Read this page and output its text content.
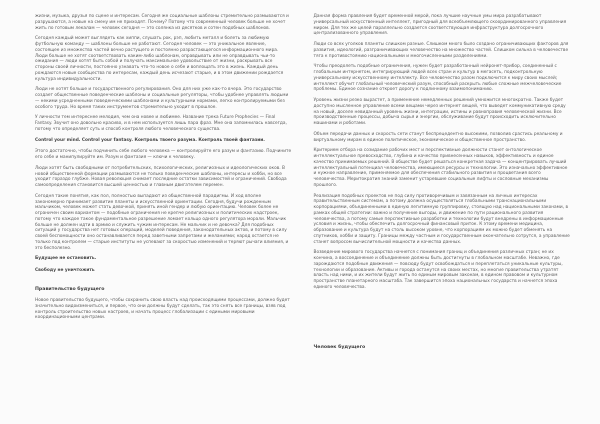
жизни, музыка, друзья по сцене и интересам. Сегодня же социальные шаблоны стремительно размываются и разрушаются, а новые на смену им не приходят. Почему? Потому что современный человек больше не хочет жить по готовым лекалам — человек сегодня — это солянка из десятков и сотен подобных шаблонов.

Сегодня каждый может выглядеть как хиппи, слушать рок, рэп, любить металл и болеть за любимую футбольную команду — шаблоны больше не работают. Сегодня человек — это уникальное явление, состоящее из множества частей вечно растущего и постоянно разрастающегося информационного мира. Люди больше не хотят соответствовать каким-либо шаблонам, оправдывать или не оправдывать чьи-то ожидания — люди хотят быть собой и получать максимальное удовольствие от жизни, раскрывать все стороны своей личности, постоянно узнавать что-то новое о себе и воплощать это в жизнь. Каждый день рождаются новые сообщества по интересам, каждый день исчезают старые, и в этом движении рождается культура индивидуальности.

Люди не хотят больше и государственного регулирования. Оно для них уже как-то вчера. Это государство создает общественные поведенческие шаблоны и социальные регуляторы, чтобы удобнее управлять людьми — некими усредненными поведенческими шаблонами и культурными нормами, легко контролируемыми без особого труда. Но время таких инструментов стремительно уходит в прошлое.

У личности тем интереснее мелодия, чем она новее и любимее. Название трека Future Prophecies — Final Fantasy. Звучит оно довольно красиво, и в нем используется лишь пара фраз. Мне она запомнилась навсегда, потому что определяет суть и способ контроля любого человеческого существа.

Control your mind. Control your fantasy. Контроль твоего разума. Контроль твоей фантазии.

Этого достаточно, чтобы подчинить себе любого человека — контролируйте его разум и фантазию. Подчините его себе и манипулируйте им. Разум и фантазия — ключи к человеку.

Люди хотят быть свободными от потребительских, психологических, религиозных и идеологических оков. В новой общественной формации размываются не только поведенческие шаблоны, интересы и хобби, но все уходит гораздо глубже. Новая революция снимает последние остатки зависимостей и ограничений. Свобода самоопределения становится высшей ценностью и главным двигателем перемен.

Сегодня такие понятия, как пол, полностью выпадают из общественной парадигмы. И ход вполне закономерно принимает развитие планеты и искусственной ориентации. Сегодня, будучи рожденным мальчиком, человек может стать девочкой, принять иной гендер и любую ориентацию. Человек более не ограничен своим вариантом — подобные ограничения не крепче религиозных и политических надстроек, потому что каждое такое фундаментальное разрешение ломает кольцо одного регулятора морали. Мальчик больше не должен идти в армию и служить чужим интересам. Не мальчик и не девочка? Для подобных ситуаций у государства нет готовых операций, моделей поведения, законодательных актов, и потому в силу своей беспомощности оно останавливается перед заветными запретами и желаниями; народ остается не только под контролем — старые институты не успевают за скоростью изменений и теряют рычаги влияния, и это бесполезно.

Будущее не остановить.

Свободу не уничтожить

Правительство будущего

Новое правительство будущего, чтобы сохранить свою власть над происходящими процессами, должно будет значительно видоизмениться, и первое, что они должны будут сделать, так это снять все границы, взяв под контроль строительство новых настроев, и начать процесс глобализации с едиными мировыми координационными центрами.

Данная форма правления будет временной мерой, пока лучшие научные умы мира разрабатывают универсальный искусственный интеллект, пригодный для всеобъемлющего скоординированного управления миром. Для тех же целей параллельно создается соответствующая инфраструктура долгосрочного централизованного управления.

Люди со всех уголков планеты слишком разные. Слишком много было создано ограничивающих факторов для развития, идеологий, разграничивающих человечество на множество частей. Слишком сильна в человечестве тяга к противостоянию национальными и многочисленными разделениями.

Чтобы преодолеть подобные ограничения, нужен будет разработанный нейронет-прибор, соединенный с глобальным интернетом, интегрирующий людей всех стран и культур в мегасеть, подконтрольную универсальному искусственному интеллекту. Все человечество разом подключится к миру своих мыслей; интеллект обучит глобальный человеческий разум, способный раскрыть любые сложные межчеловеческие проблемы. Единое сознание откроет дорогу к подлинному взаимопониманию.

Уровень жизни резко вырастет, а применение немедленных решений умножится многократно. Также будет доступно мысленное управление всеми вещами через интернет вещей, что выведет коммуникативную среду на новый, доселе невиданный уровень жизни, интеграции, истины и равноправия человеческой жизни. Все производственные процессы, добыча сырья и энергии, обслуживание будут происходить исключительно машинами и роботами.

Объем передачи данных и скорость сети станут беспрецедентно высокими, позволив срастись реальному и виртуальному мирам в единое политическое, экономическое и общественное пространство.

Критерием отбора на созидание рабочих мест и перспективные должности станет онтологическое интеллектуальное превосходство, глубина и качество привнесенных навыков, эффективность и единое качество принимаемых решений. В обществе будет решаться конкретная задача — концентрировать лучший интеллектуальный потенциал человечества, имеющиеся ресурсы и технологии. Это изначально эффективное и нужное направление, применяемое для обеспечения стабильного развития и процветания всего человечества. Меритократия знаний заменит устаревшие социальные лифты и сословные механизмы прошлого.

Реализация подобных проектов не под силу противоречивым и завязанным на личных интересах правительственным системам, а потому должна осуществляться глобальными транснациональными корпорациями, объединенными в единую легитимную группировку, стоящую над национальными законами, в рамках общей стратегии: важно и получение выгоды, и движение по пути рационального развития человечества, а потому самые перспективные разработки и технологии будут внедрены в информационные условия и жизнь, чтобы обеспечить долгосрочный финансовый приток. К этому времени медицина, образование и культура будут на столь высоком уровне, что корпорациям их можно будет обменять на спутников, хобби и защиту. Границы между частным и государственным окончательно сотрутся, а управление станет вопросом вычислительной мощности и качества данных.

Возведение мирового государства начнется с понимания границ и объединения различных стран; не их кончина, а воссоединение и объединение должны быть достигнуты в глобальном масштабе. Неважно, где зарождаются подобные движения — повсюду будут освобождаться и переплетаться уникальные культуры, технологии и образование. Активы и города останутся на своих местах, но многие правительства утратят власть над ними, и их жители будут жить по единым мировым законам, в едином правовом и культурном пространстве планетарного масштаба. Так завершится эпоха национальных государств и начнется эпоха единого человечества.

Человек будущего
